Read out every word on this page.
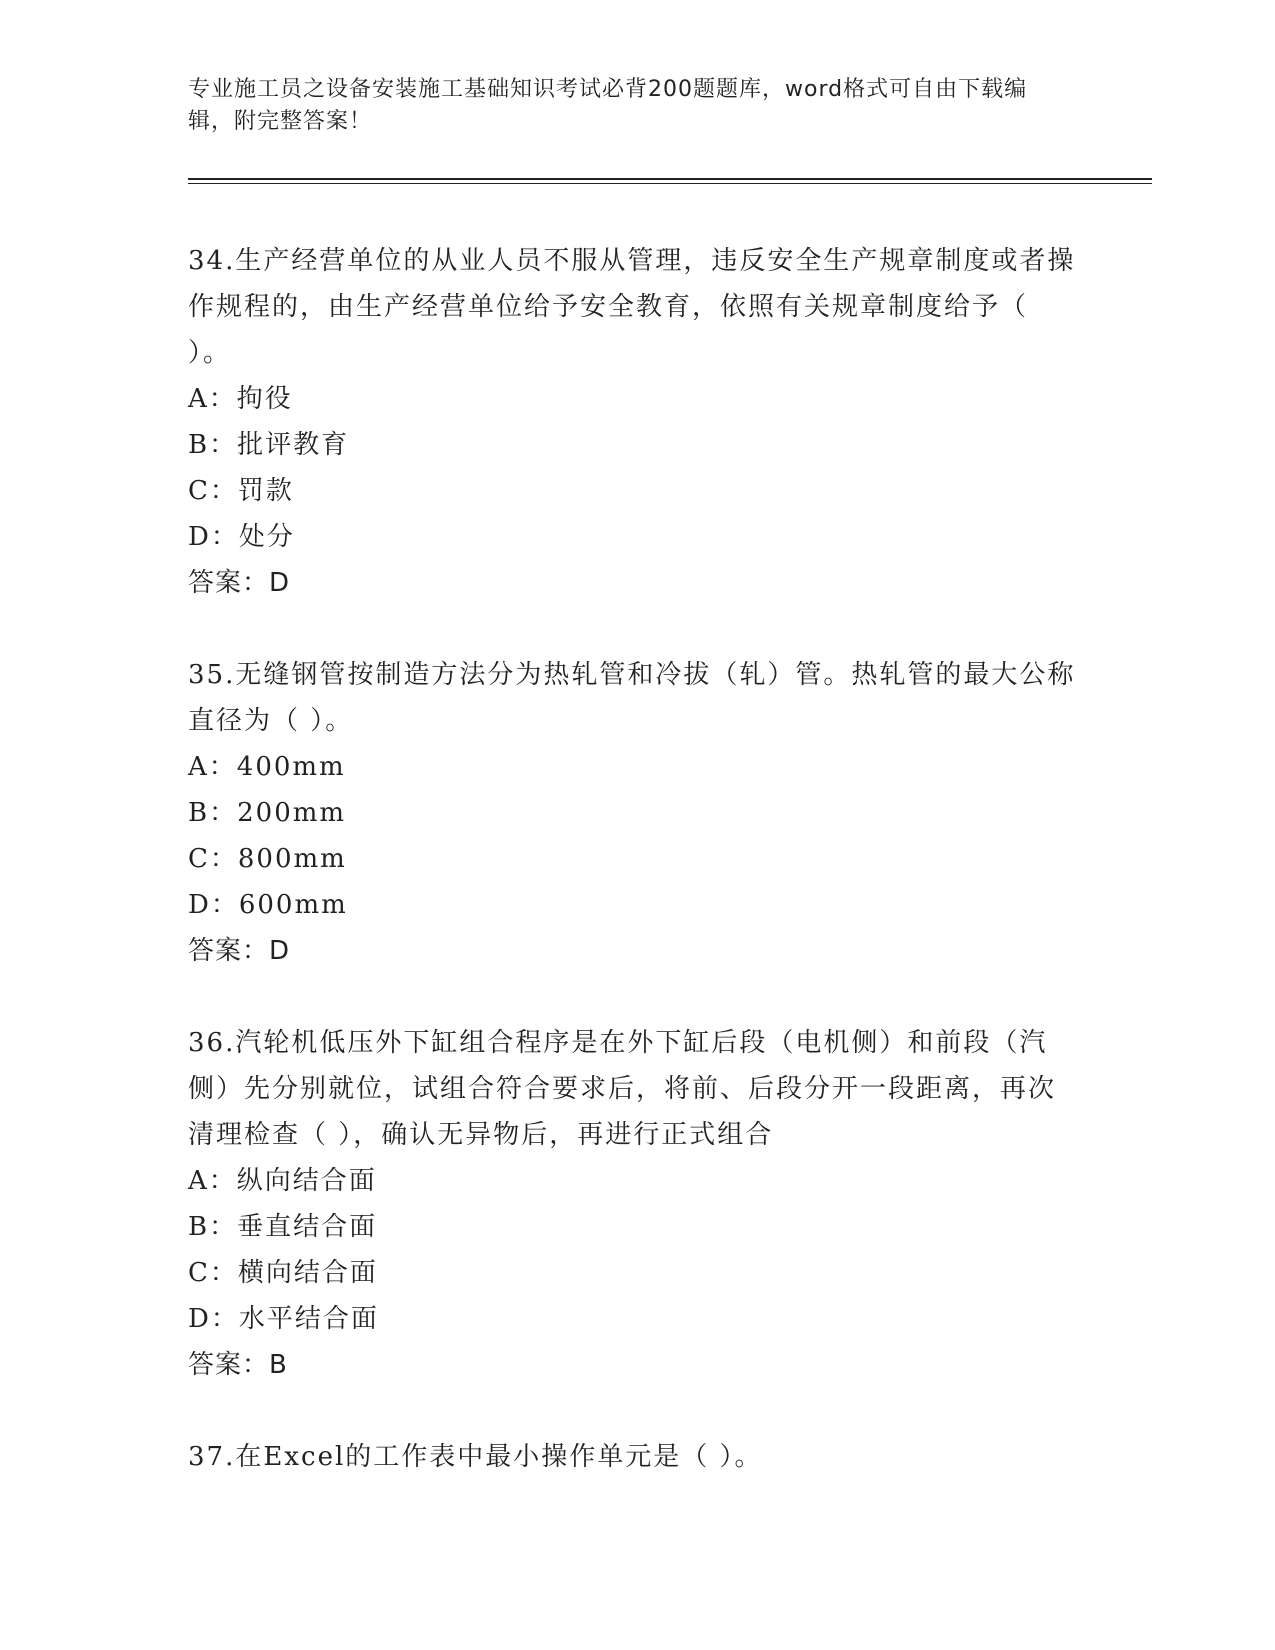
专业施工员之设备安装施工基础知识考试必背200题题库，word格式可自由下载编辑，附完整答案！

34.生产经营单位的从业人员不服从管理，违反安全生产规章制度或者操作规程的，由生产经营单位给予安全教育，依照有关规章制度给予（ ）。

A：拘役

B：批评教育

C：罚款

D：处分

答案：D

35.无缝钢管按制造方法分为热轧管和冷拔（轧）管。热轧管的最大公称直径为（ ）。

A：400mm

B：200mm

C：800mm

D：600mm

答案：D

36.汽轮机低压外下缸组合程序是在外下缸后段（电机侧）和前段（汽侧）先分别就位，试组合符合要求后，将前、后段分开一段距离，再次清理检查（ ），确认无异物后，再进行正式组合

A：纵向结合面

B：垂直结合面

C：横向结合面

D：水平结合面

答案：B

37.在Excel的工作表中最小操作单元是（ ）。
